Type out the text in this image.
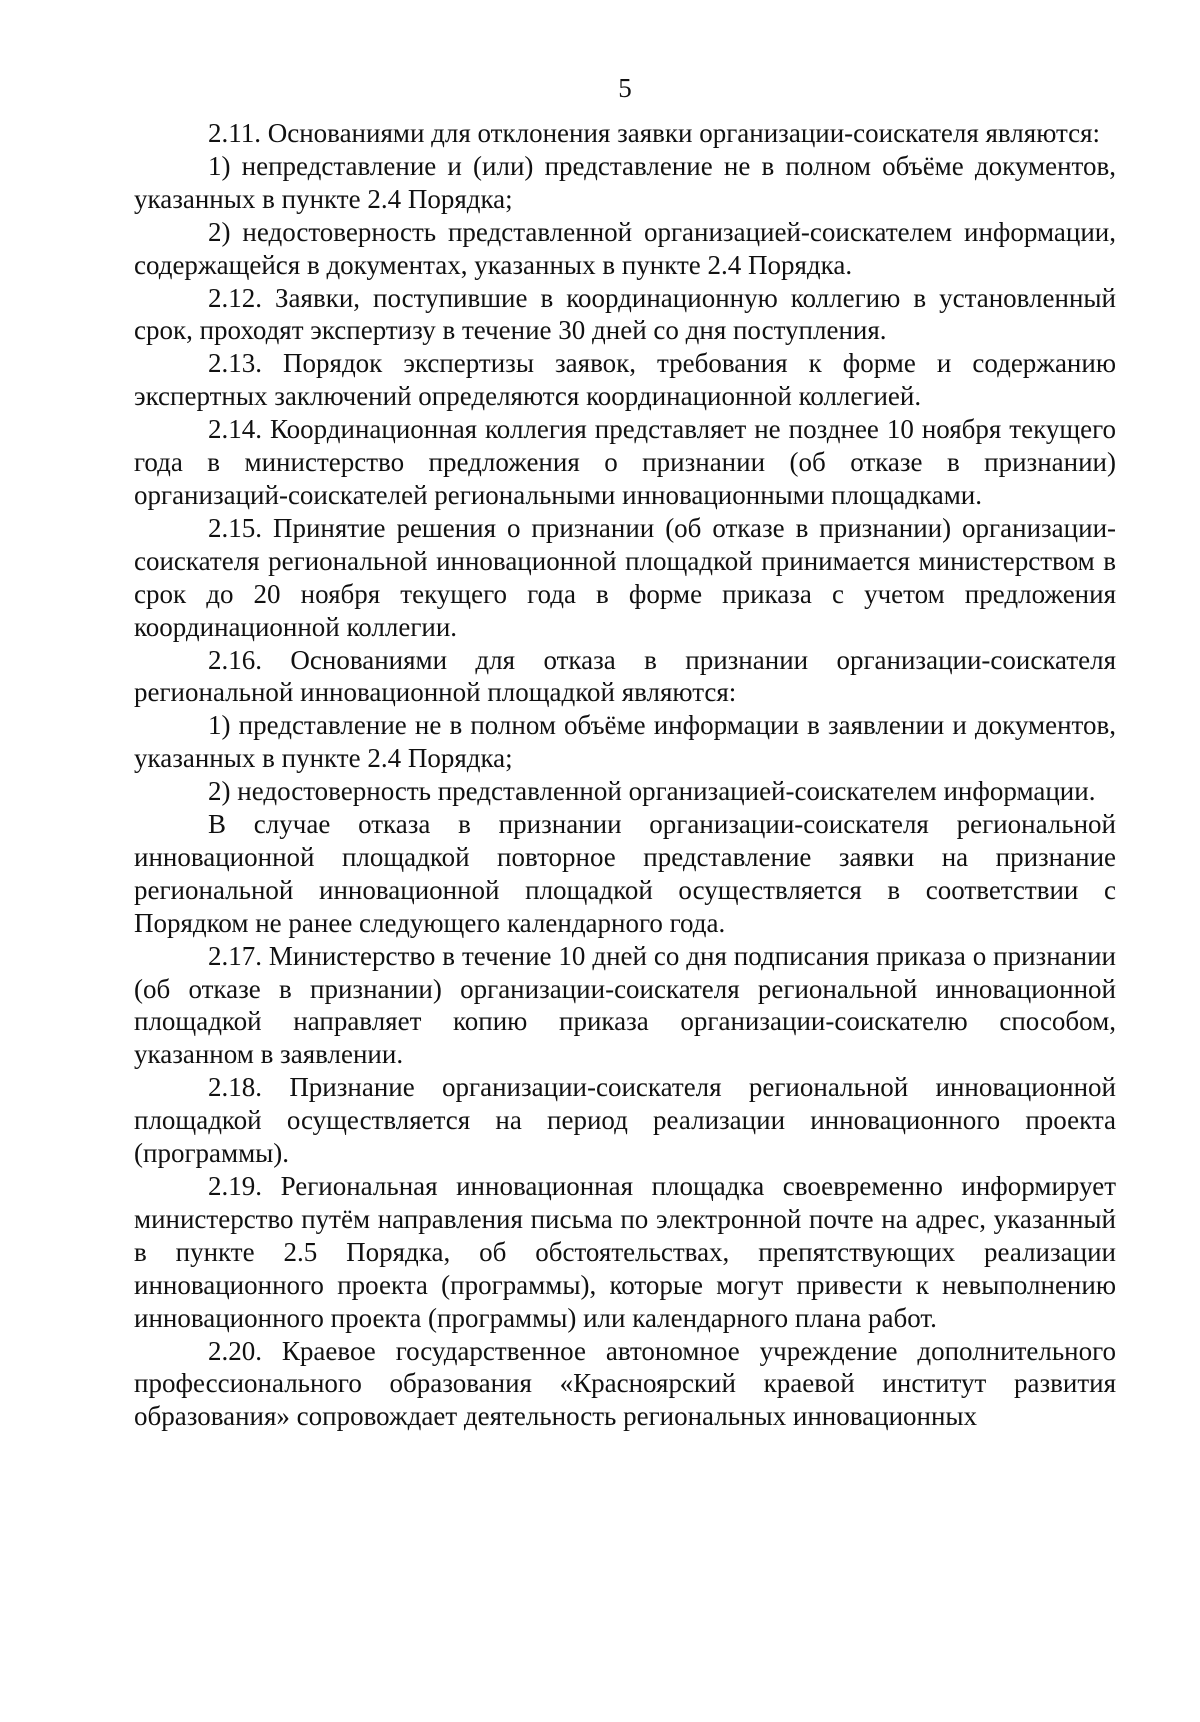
5

2.11. Основаниями для отклонения заявки организации-соискателя являются:

1) непредставление и (или) представление не в полном объёме документов, указанных в пункте 2.4 Порядка;

2) недостоверность представленной организацией-соискателем информации, содержащейся в документах, указанных в пункте 2.4 Порядка.

2.12. Заявки, поступившие в координационную коллегию в установленный срок, проходят экспертизу в течение 30 дней со дня поступления.

2.13. Порядок экспертизы заявок, требования к форме и содержанию экспертных заключений определяются координационной коллегией.

2.14. Координационная коллегия представляет не позднее 10 ноября текущего года в министерство предложения о признании (об отказе в признании) организаций-соискателей региональными инновационными площадками.

2.15. Принятие решения о признании (об отказе в признании) организации-соискателя региональной инновационной площадкой принимается министерством в срок до 20 ноября текущего года в форме приказа с учетом предложения координационной коллегии.

2.16. Основаниями для отказа в признании организации-соискателя региональной инновационной площадкой являются:

1) представление не в полном объёме информации в заявлении и документов, указанных в пункте 2.4 Порядка;

2) недостоверность представленной организацией-соискателем информации.

В случае отказа в признании организации-соискателя региональной инновационной площадкой повторное представление заявки на признание региональной инновационной площадкой осуществляется в соответствии с Порядком не ранее следующего календарного года.

2.17. Министерство в течение 10 дней со дня подписания приказа о признании (об отказе в признании) организации-соискателя региональной инновационной площадкой направляет копию приказа организации-соискателю способом, указанном в заявлении.

2.18. Признание организации-соискателя региональной инновационной площадкой осуществляется на период реализации инновационного проекта (программы).

2.19. Региональная инновационная площадка своевременно информирует министерство путём направления письма по электронной почте на адрес, указанный в пункте 2.5 Порядка, об обстоятельствах, препятствующих реализации инновационного проекта (программы), которые могут привести к невыполнению инновационного проекта (программы) или календарного плана работ.

2.20. Краевое государственное автономное учреждение дополнительного профессионального образования «Красноярский краевой институт развития образования» сопровождает деятельность региональных инновационных
